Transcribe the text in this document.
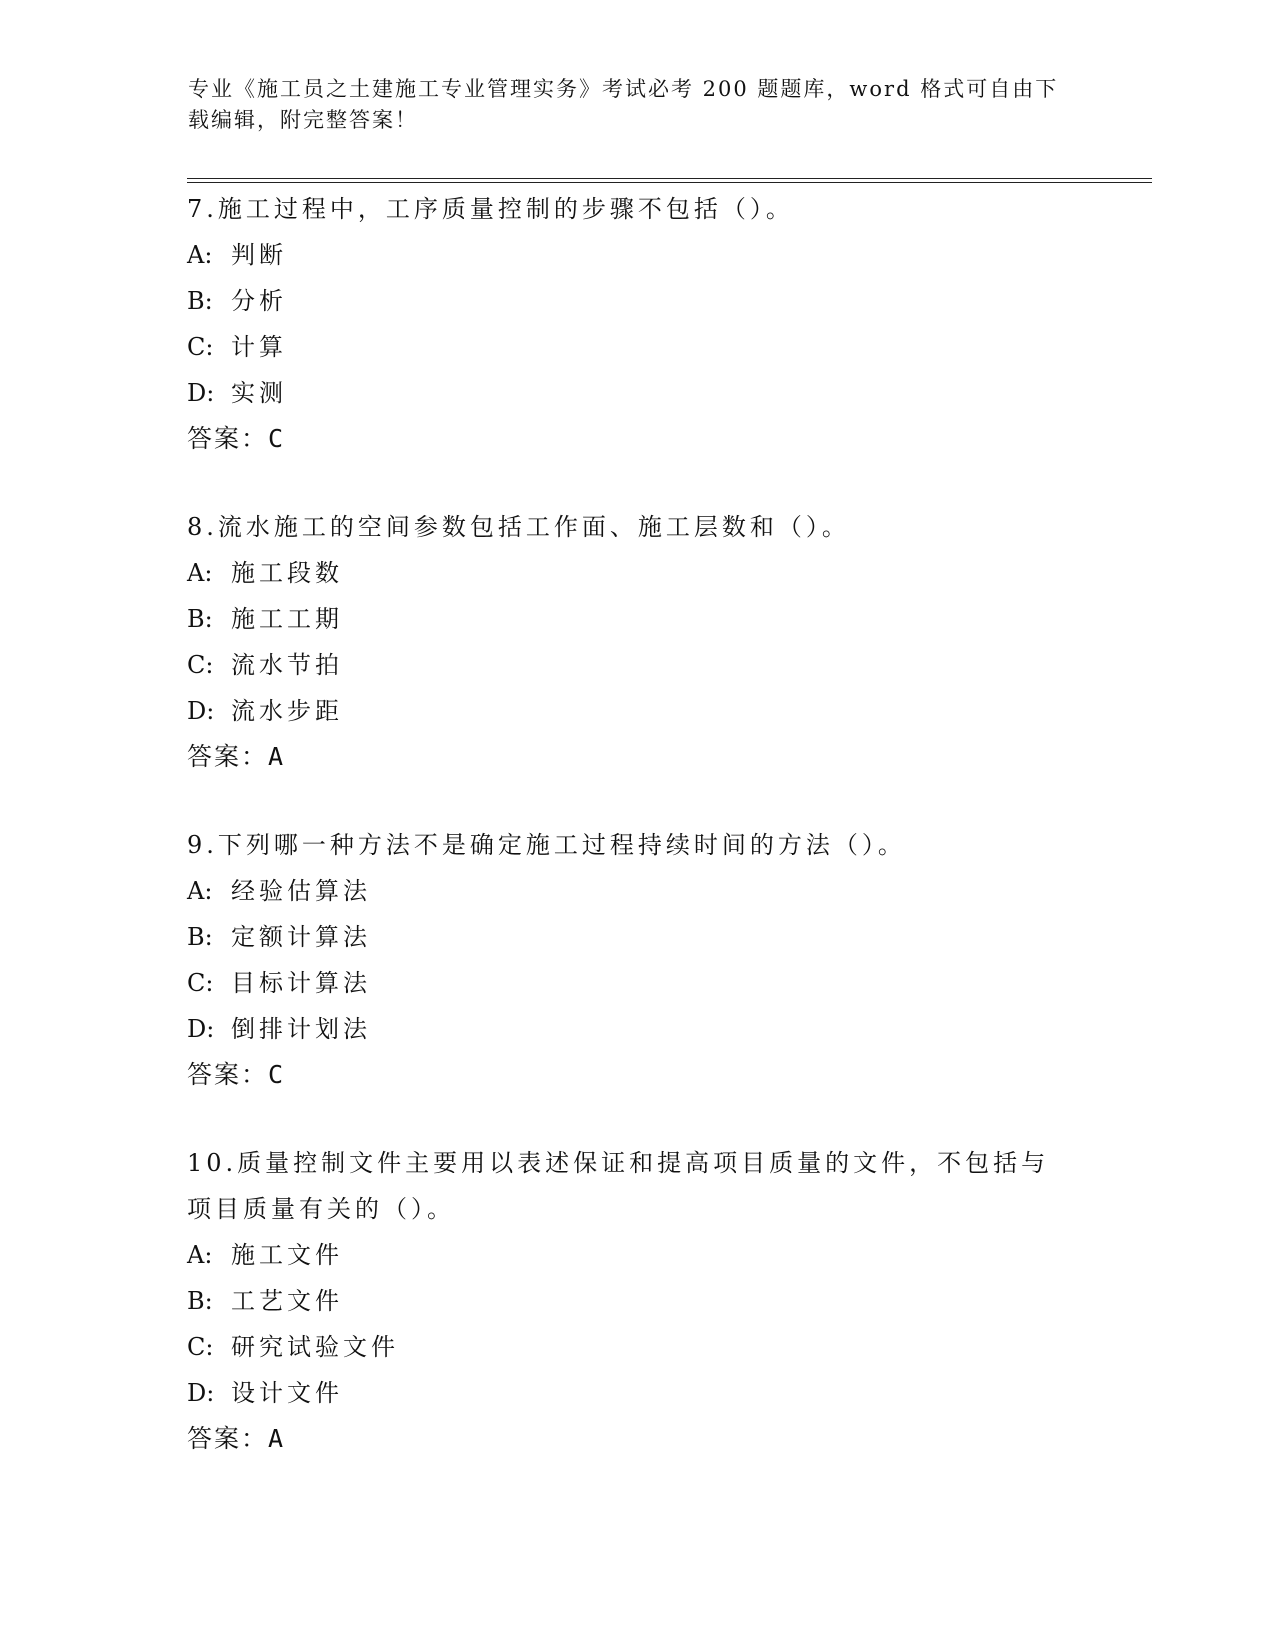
专业《施工员之土建施工专业管理实务》考试必考 200 题题库，word 格式可自由下载编辑，附完整答案！

7.施工过程中，工序质量控制的步骤不包括（）。

A: 判断

B: 分析

C: 计算

D: 实测

答案：C

8.流水施工的空间参数包括工作面、施工层数和（）。

A: 施工段数

B: 施工工期

C: 流水节拍

D: 流水步距

答案：A

9.下列哪一种方法不是确定施工过程持续时间的方法（）。

A: 经验估算法

B: 定额计算法

C: 目标计算法

D: 倒排计划法

答案：C

10.质量控制文件主要用以表述保证和提高项目质量的文件，不包括与项目质量有关的（）。

A: 施工文件

B: 工艺文件

C: 研究试验文件

D: 设计文件

答案：A
